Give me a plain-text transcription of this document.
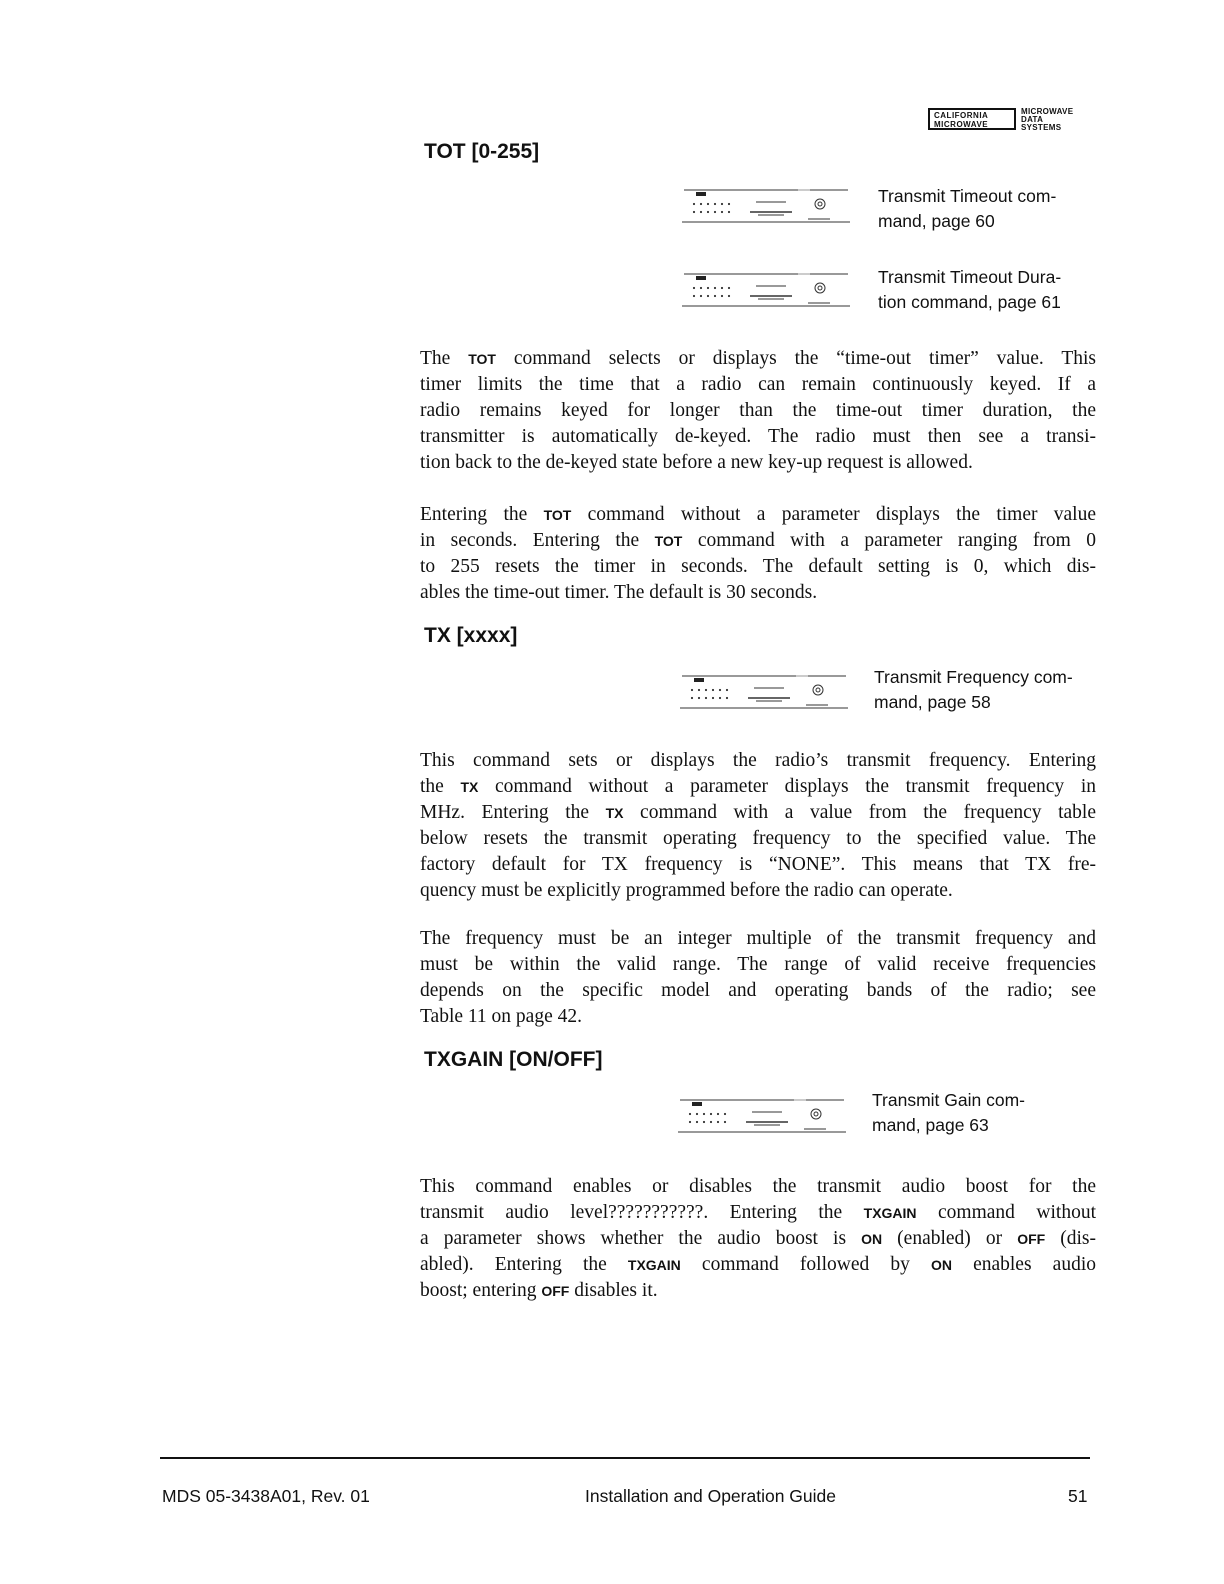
CALIFORNIA
MICROWAVE
MICROWAVE
DATA
SYSTEMS
TOT [0-255]
Transmit Timeout com-
mand, page 60
Transmit Timeout Dura-
tion command, page 61
The TOT command selects or displays the “time-out timer” value. This
timer limits the time that a radio can remain continuously keyed. If a
radio remains keyed for longer than the time-out timer duration, the
transmitter is automatically de-keyed. The radio must then see a transi-
tion back to the de-keyed state before a new key-up request is allowed.
Entering the TOT command without a parameter displays the timer value
in seconds. Entering the TOT command with a parameter ranging from 0
to 255 resets the timer in seconds. The default setting is 0, which dis-
ables the time-out timer. The default is 30 seconds.
TX [xxxx]
Transmit Frequency com-
mand, page 58
This command sets or displays the radio’s transmit frequency. Entering
the TX command without a parameter displays the transmit frequency in
MHz. Entering the TX command with a value from the frequency table
below resets the transmit operating frequency to the specified value. The
factory default for TX frequency is “NONE”. This means that TX fre-
quency must be explicitly programmed before the radio can operate.
The frequency must be an integer multiple of the transmit frequency and
must be within the valid range. The range of valid receive frequencies
depends on the specific model and operating bands of the radio; see
Table 11 on page 42.
TXGAIN [ON/OFF]
Transmit Gain com-
mand, page 63
This command enables or disables the transmit audio boost for the
transmit audio level???????????. Entering the TXGAIN command without
a parameter shows whether the audio boost is ON (enabled) or OFF (dis-
abled). Entering the TXGAIN command followed by ON enables audio
boost; entering OFF disables it.
MDS 05-3438A01, Rev. 01	Installation and Operation Guide	51
